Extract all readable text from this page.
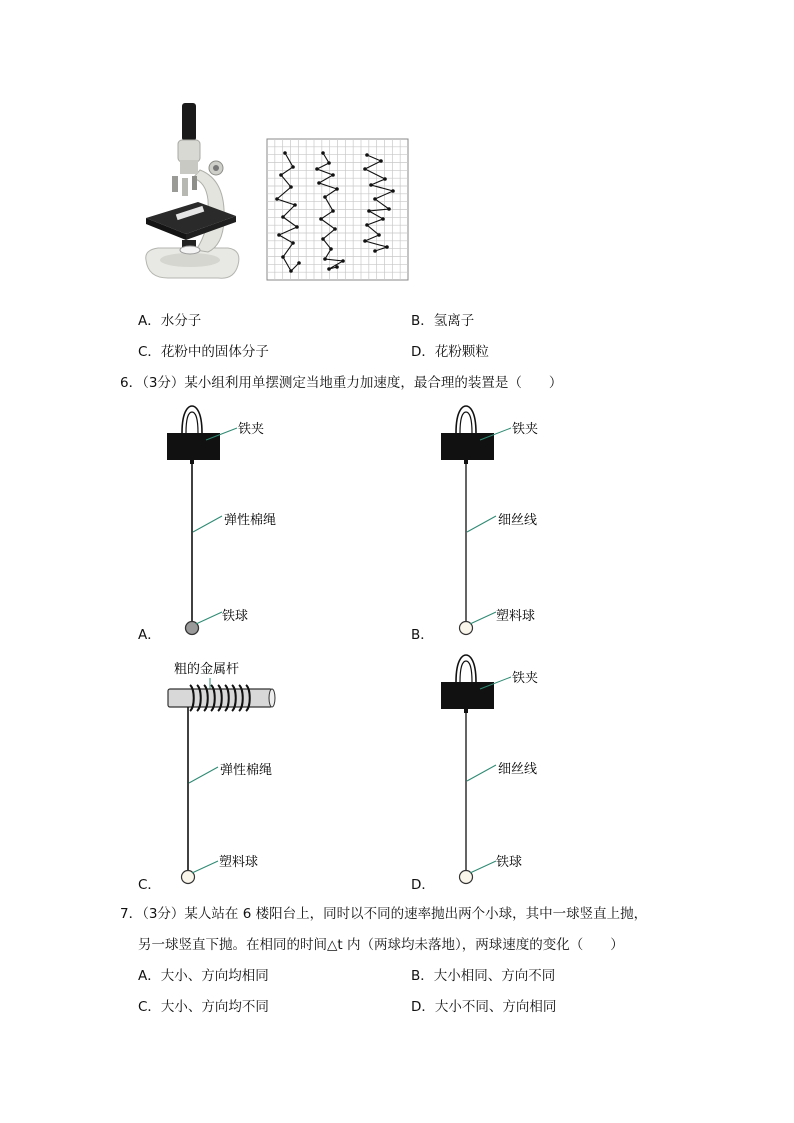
A．水分子	B．氢离子
C．花粉中的固体分子	D．花粉颗粒
6．（3分）某小组利用单摆测定当地重力加速度，最合理的装置是（　　）
铁夹
弹性棉绳
铁球
A．
铁夹
细丝线
塑料球
B．
粗的金属杆
弹性棉绳
塑料球
C．
铁夹
细丝线
铁球
D．
7．（3分）某人站在 6 楼阳台上，同时以不同的速率抛出两个小球，其中一球竖直上抛，
另一球竖直下抛。在相同的时间△t 内（两球均未落地），两球速度的变化（　　）
A．大小、方向均相同	B．大小相同、方向不同
C．大小、方向均不同	D．大小不同、方向相同
